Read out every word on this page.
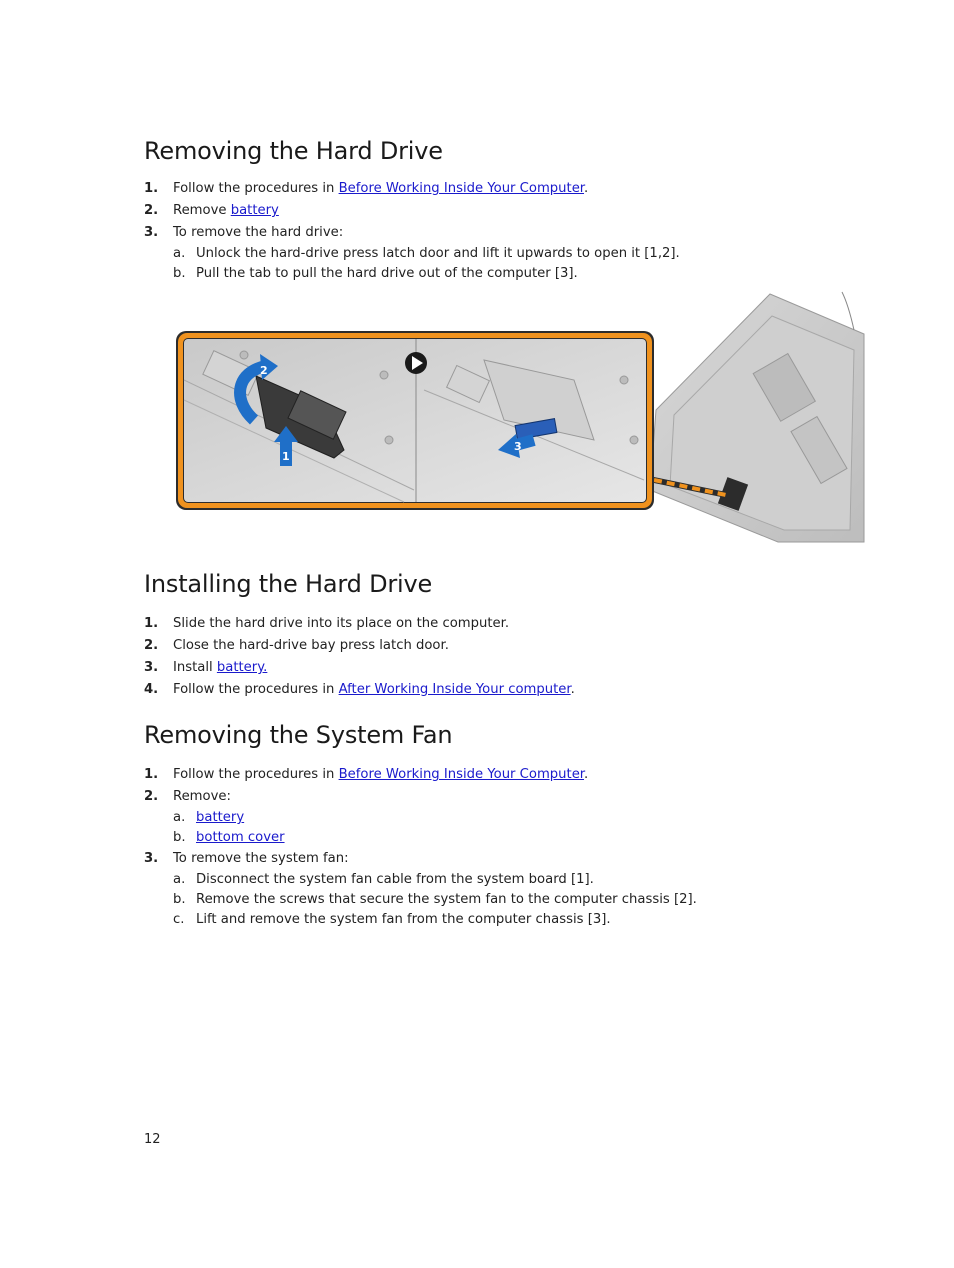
Removing the Hard Drive
1. Follow the procedures in Before Working Inside Your Computer.
2. Remove battery
3. To remove the hard drive:
a. Unlock the hard-drive press latch door and lift it upwards to open it [1,2].
b. Pull the tab to pull the hard drive out of the computer [3].
2
1
3
Installing the Hard Drive
1. Slide the hard drive into its place on the computer.
2. Close the hard-drive bay press latch door.
3. Install battery.
4. Follow the procedures in After Working Inside Your computer.
Removing the System Fan
1. Follow the procedures in Before Working Inside Your Computer.
2. Remove:
a. battery
b. bottom cover
3. To remove the system fan:
a. Disconnect the system fan cable from the system board [1].
b. Remove the screws that secure the system fan to the computer chassis [2].
c. Lift and remove the system fan from the computer chassis [3].
12
